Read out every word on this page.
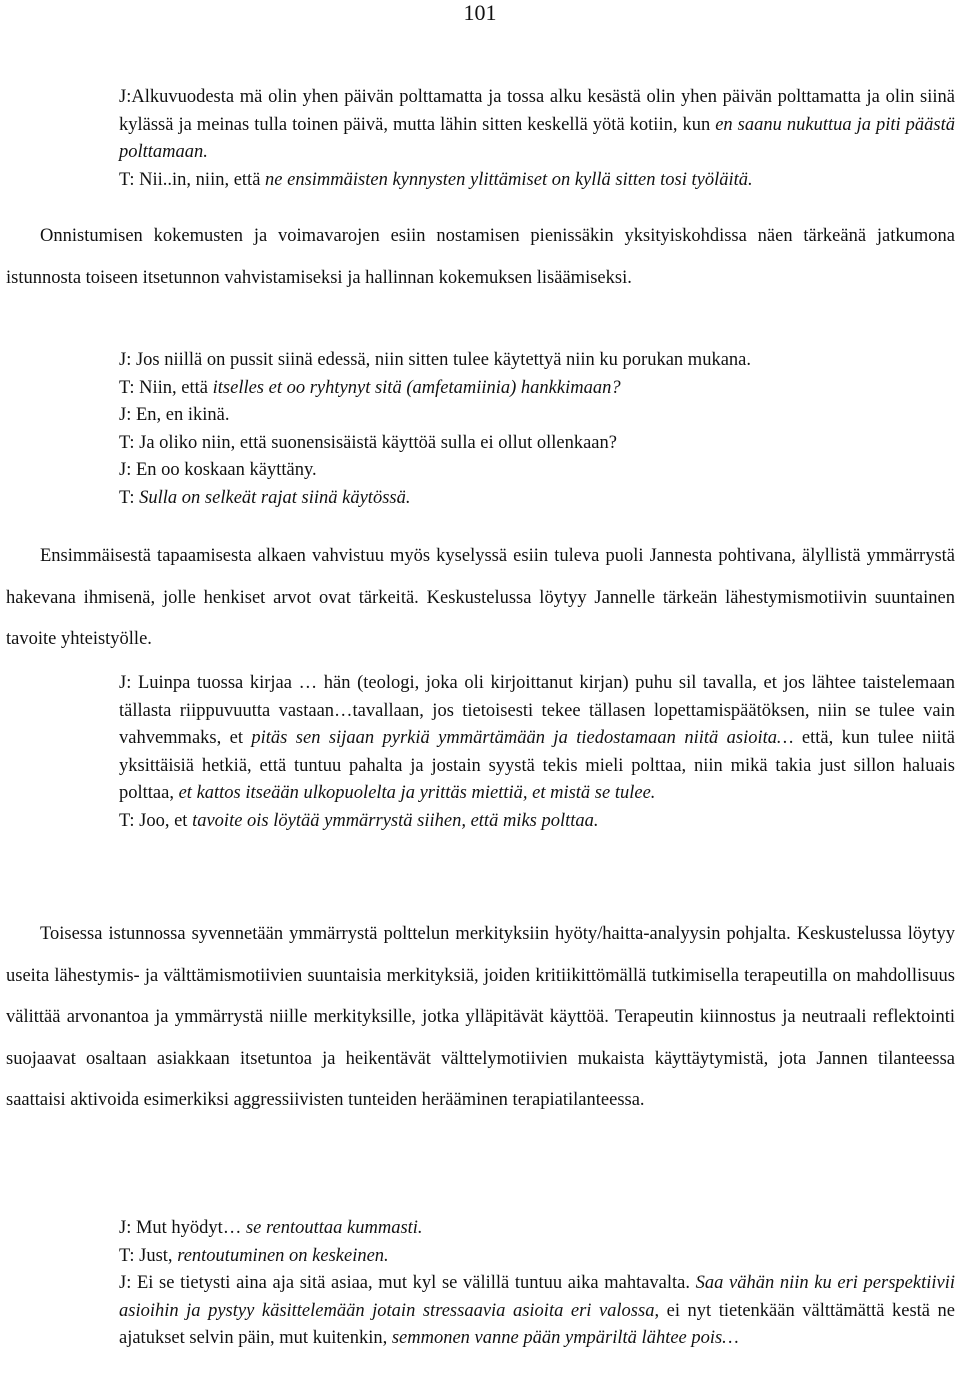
101

J:Alkuvuodesta mä olin yhen päivän polttamatta ja tossa alku kesästä olin yhen päivän polttamatta ja olin siinä kylässä ja meinas tulla toinen päivä, mutta lähin sitten keskellä yötä kotiin, kun en saanu nukuttua ja piti päästä polttamaan.

T: Nii..in, niin, että ne ensimmäisten kynnysten ylittämiset on kyllä sitten tosi työläitä.

Onnistumisen kokemusten ja voimavarojen esiin nostamisen pienissäkin yksityiskohdissa näen tärkeänä jatkumona istunnosta toiseen itsetunnon vahvistamiseksi ja hallinnan kokemuksen lisäämiseksi.

J: Jos niillä on pussit siinä edessä, niin sitten tulee käytettyä niin ku porukan mukana.

T: Niin, että itselles et oo ryhtynyt sitä (amfetamiinia) hankkimaan?

J: En, en ikinä.

T: Ja oliko niin, että suonensisäistä käyttöä sulla ei ollut ollenkaan?

J: En oo koskaan käyttäny.

T: Sulla on selkeät rajat siinä käytössä.

Ensimmäisestä tapaamisesta alkaen vahvistuu myös kyselyssä esiin tuleva puoli Jannesta pohtivana, älyllistä ymmärrystä hakevana ihmisenä, jolle henkiset arvot ovat tärkeitä. Keskustelussa löytyy Jannelle tärkeän lähestymismotiivin suuntainen tavoite yhteistyölle.

J: Luinpa tuossa kirjaa … hän (teologi, joka oli kirjoittanut kirjan) puhu sil tavalla, et jos lähtee taistelemaan tällasta riippuvuutta vastaan…tavallaan, jos tietoisesti tekee tällasen lopettamispäätöksen, niin se tulee vain vahvemmaks, et pitäs sen sijaan pyrkiä ymmärtämään ja tiedostamaan niitä asioita… että, kun tulee niitä yksittäisiä hetkiä, että tuntuu pahalta ja jostain syystä tekis mieli polttaa, niin mikä takia just sillon haluais polttaa, et kattos itseään ulkopuolelta ja yrittäs miettiä, et mistä se tulee.

T: Joo, et tavoite ois löytää ymmärrystä siihen, että miks polttaa.

Toisessa istunnossa syvennetään ymmärrystä polttelun merkityksiin hyöty/haitta-analyysin pohjalta. Keskustelussa löytyy useita lähestymis- ja välttämismotiivien suuntaisia merkityksiä, joiden kritiikittömällä tutkimisella terapeutilla on mahdollisuus välittää arvonantoa ja ymmärrystä niille merkityksille, jotka ylläpitävät käyttöä. Terapeutin kiinnostus ja neutraali reflektointi suojaavat osaltaan asiakkaan itsetuntoa ja heikentävät välttelymotiivien mukaista käyttäytymistä, jota Jannen tilanteessa saattaisi aktivoida esimerkiksi aggressiivisten tunteiden herääminen terapiatilanteessa.

J: Mut hyödyt… se rentouttaa kummasti.

T: Just, rentoutuminen on keskeinen.

J: Ei se tietysti aina aja sitä asiaa, mut kyl se välillä tuntuu aika mahtavalta. Saa vähän niin ku eri perspektiivii asioihin ja pystyy käsittelemään jotain stressaavia asioita eri valossa, ei nyt tietenkään välttämättä kestä ne ajatukset selvin päin, mut kuitenkin, semmonen vanne pään ympäriltä lähtee pois…
